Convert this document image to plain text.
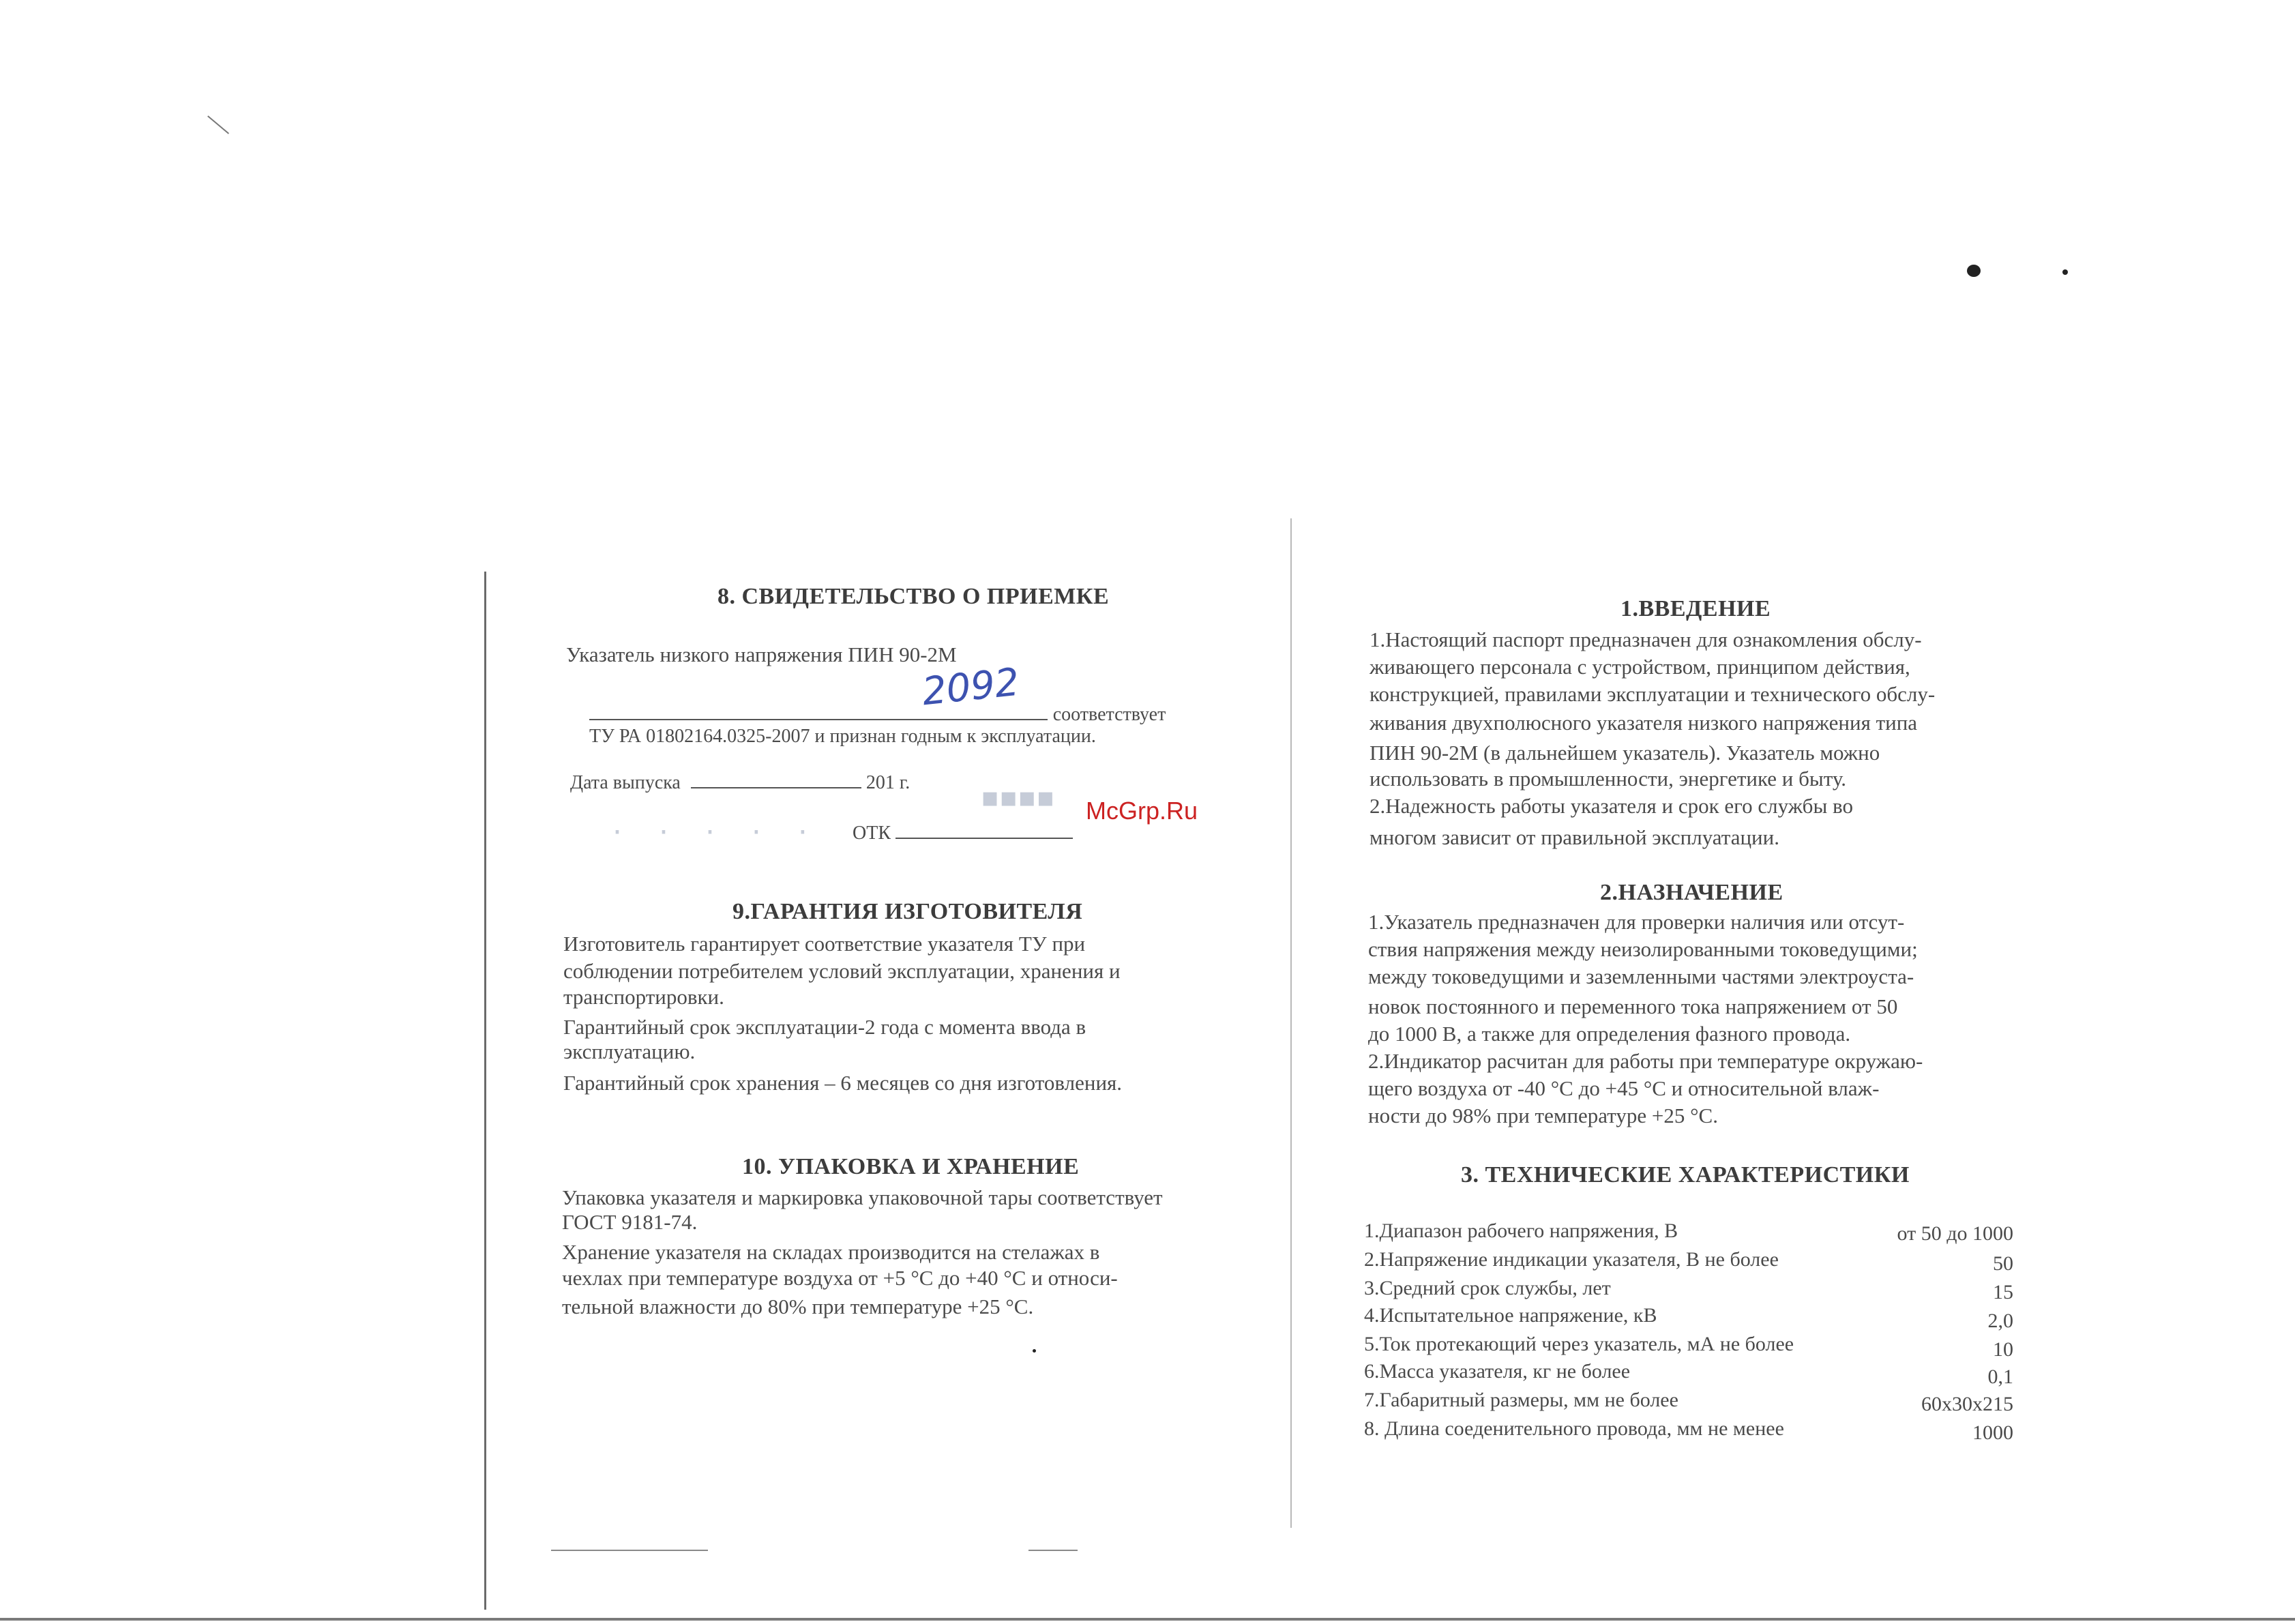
8. СВИДЕТЕЛЬСТВО О ПРИЕМКЕ
Указатель низкого напряжения ПИН 90-2М
2092
соответствует
ТУ РА 01802164.0325-2007 и признан годным к эксплуатации.
Дата выпуска	201 г.
· · · · ·
▪▪▪▪
ОТК
McGrp.Ru
9.ГАРАНТИЯ ИЗГОТОВИТЕЛЯ
Изготовитель гарантирует соответствие указателя ТУ при
соблюдении потребителем условий эксплуатации, хранения и
транспортировки.
Гарантийный срок эксплуатации-2 года с момента ввода в
эксплуатацию.
Гарантийный срок хранения – 6 месяцев со дня изготовления.
10. УПАКОВКА И ХРАНЕНИЕ
Упаковка указателя и маркировка упаковочной тары соответствует
ГОСТ 9181-74.
Хранение указателя на складах производится на стелажах в
чехлах при температуре воздуха от +5 °С до +40 °С и относи-
тельной влажности до 80% при температуре +25 °С.
1.ВВЕДЕНИЕ
1.Настоящий паспорт предназначен для ознакомления обслу-
живающего персонала с устройством, принципом действия,
конструкцией, правилами эксплуатации и технического обслу-
живания двухполюсного указателя низкого напряжения типа
ПИН 90-2М (в дальнейшем указатель). Указатель можно
использовать в промышленности, энергетике и быту.
2.Надежность работы указателя и срок его службы во
многом зависит от правильной эксплуатации.
2.НАЗНАЧЕНИЕ
1.Указатель предназначен для проверки наличия или отсут-
ствия напряжения между неизолированными токоведущими;
между токоведущими и заземленными частями электроуста-
новок постоянного и переменного тока напряжением от 50
до 1000 В, а также для определения фазного провода.
2.Индикатор расчитан для работы при температуре окружаю-
щего воздуха от -40 °С до +45 °С и относительной влаж-
ности до 98% при температуре +25 °С.
3. ТЕХНИЧЕСКИЕ ХАРАКТЕРИСТИКИ
1.Диапазон рабочего напряжения, В	от 50 до 1000
2.Напряжение индикации указателя, В не более	50
3.Средний срок службы, лет	15
4.Испытательное напряжение, кВ	2,0
5.Ток протекающий через указатель, мА не более	10
6.Масса указателя, кг не более	0,1
7.Габаритный размеры, мм не более	60x30x215
8. Длина соеденительного провода, мм не менее	1000
